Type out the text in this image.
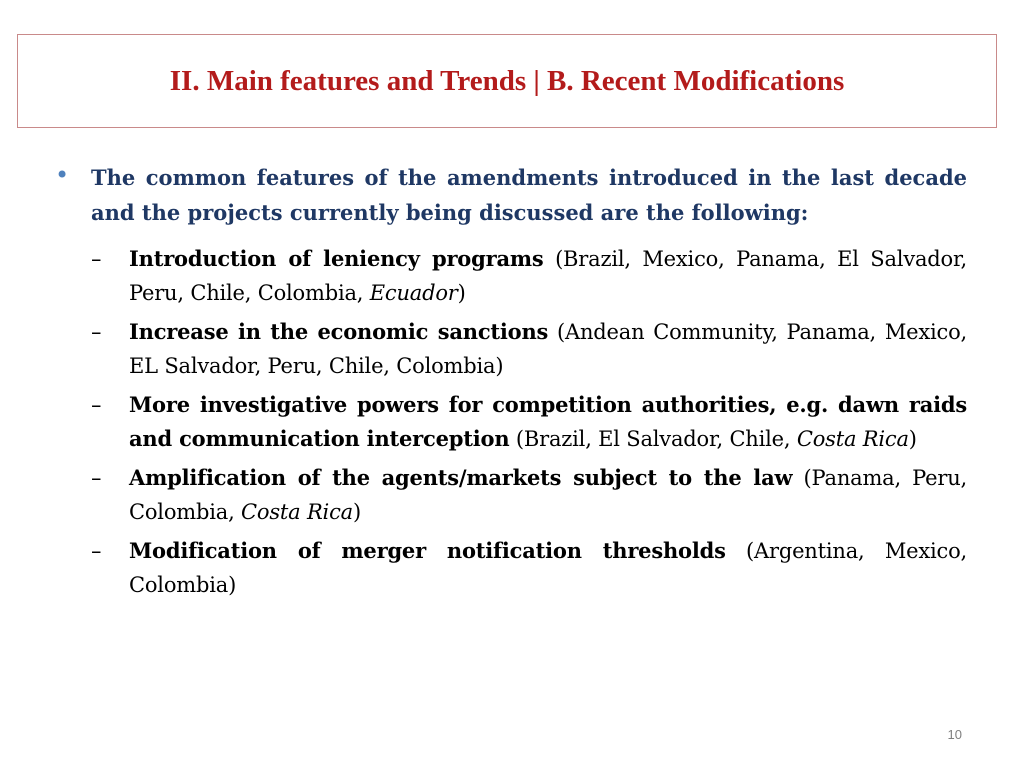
II. Main features and Trends | B. Recent Modifications
•	The common features of the amendments introduced in the last decade and the projects currently being discussed are the following:
–	Introduction of leniency programs (Brazil, Mexico, Panama, El Salvador, Peru, Chile, Colombia, Ecuador)
–	Increase in the economic sanctions (Andean Community, Panama, Mexico, EL Salvador, Peru, Chile, Colombia)
–	More investigative powers for competition authorities, e.g. dawn raids and communication interception (Brazil, El Salvador, Chile, Costa Rica)
–	Amplification of the agents/markets subject to the law (Panama, Peru, Colombia, Costa Rica)
–	Modification of merger notification thresholds (Argentina, Mexico, Colombia)
10
